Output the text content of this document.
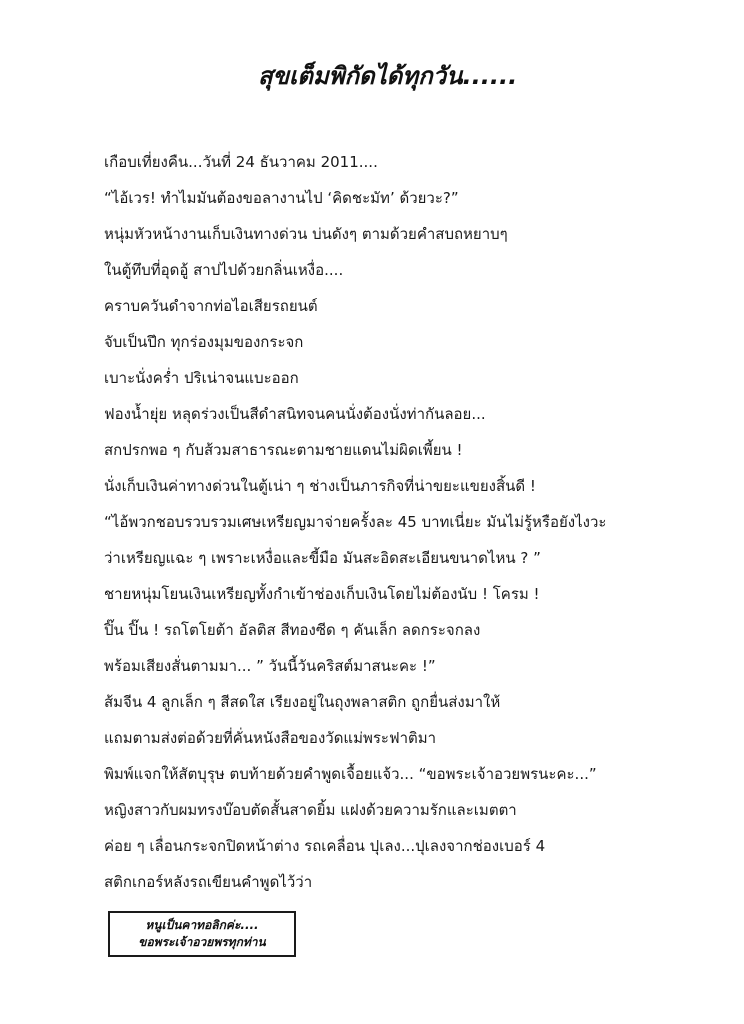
สุขเต็มพิกัดได้ทุกวัน......
เกือบเที่ยงคืน...วันที่ 24 ธันวาคม 2011....
“ไอ้เวร! ทำไมมันต้องขอลางานไป ‘คิดชะมัท’ ด้วยวะ?”
หนุ่มหัวหน้างานเก็บเงินทางด่วน บ่นดังๆ ตามด้วยคำสบถหยาบๆ
ในตู้ทึบที่อุดอู้ สาปไปด้วยกลิ่นเหงื่อ....
คราบควันดำจากท่อไอเสียรถยนต์
จับเป็นปึก ทุกร่องมุมของกระจก
เบาะนั่งคร่ำ ปริเน่าจนแบะออก
ฟองน้ำยุ่ย หลุดร่วงเป็นสีดำสนิทจนคนนั่งต้องนั่งท่ากันลอย...
สกปรกพอ ๆ กับส้วมสาธารณะตามชายแดนไม่ผิดเพี้ยน !
นั่งเก็บเงินค่าทางด่วนในตู้เน่า ๆ ช่างเป็นภารกิจที่น่าขยะแขยงสิ้นดี !
“ไอ้พวกชอบรวบรวมเศษเหรียญมาจ่ายครั้งละ 45 บาทเนี่ยะ มันไม่รู้หรือยังไงวะ
ว่าเหรียญแฉะ ๆ เพราะเหงื่อและขี้มือ มันสะอิดสะเอียนขนาดไหน ? ”
ชายหนุ่มโยนเงินเหรียญทั้งกำเข้าช่องเก็บเงินโดยไม่ต้องนับ ! โครม !
ปิ๊น ปิ๊น ! รถโตโยต้า อัลติส สีทองซีด ๆ คันเล็ก ลดกระจกลง
พร้อมเสียงสั่นตามมา... ” วันนี้วันคริสต์มาสนะคะ !”
ส้มจีน 4 ลูกเล็ก ๆ สีสดใส เรียงอยู่ในถุงพลาสติก ถูกยื่นส่งมาให้
แถมตามส่งต่อด้วยที่คั่นหนังสือของวัดแม่พระฟาติมา
พิมพ์แจกให้สัตบุรุษ ตบท้ายด้วยคำพูดเจื้อยแจ้ว... “ขอพระเจ้าอวยพรนะคะ...”
หญิงสาวกับผมทรงบ๊อบตัดสั้นสาดยิ้ม แฝงด้วยความรักและเมตตา
ค่อย ๆ เลื่อนกระจกปิดหน้าต่าง รถเคลื่อน ปุเลง...ปุเลงจากช่องเบอร์ 4
สติกเกอร์หลังรถเขียนคำพูดไว้ว่า
หนูเป็นคาทอลิกค่ะ....
ขอพระเจ้าอวยพรทุกท่าน
